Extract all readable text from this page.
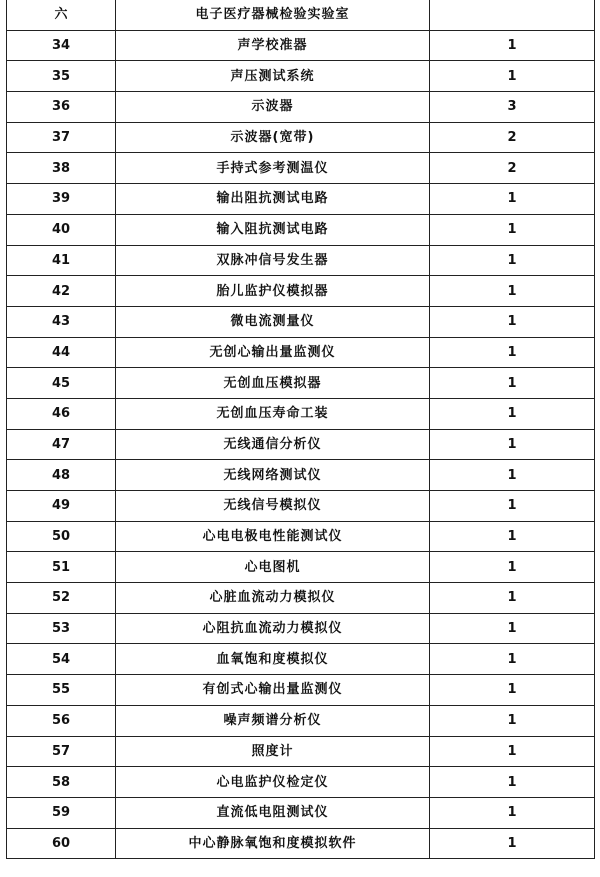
六	电子医疗器械检验实验室	
34	声学校准器	1
35	声压测试系统	1
36	示波器	3
37	示波器(宽带)	2
38	手持式参考测温仪	2
39	输出阻抗测试电路	1
40	输入阻抗测试电路	1
41	双脉冲信号发生器	1
42	胎儿监护仪模拟器	1
43	微电流测量仪	1
44	无创心输出量监测仪	1
45	无创血压模拟器	1
46	无创血压寿命工装	1
47	无线通信分析仪	1
48	无线网络测试仪	1
49	无线信号模拟仪	1
50	心电电极电性能测试仪	1
51	心电图机	1
52	心脏血流动力模拟仪	1
53	心阻抗血流动力模拟仪	1
54	血氧饱和度模拟仪	1
55	有创式心输出量监测仪	1
56	噪声频谱分析仪	1
57	照度计	1
58	心电监护仪检定仪	1
59	直流低电阻测试仪	1
60	中心静脉氧饱和度模拟软件	1
